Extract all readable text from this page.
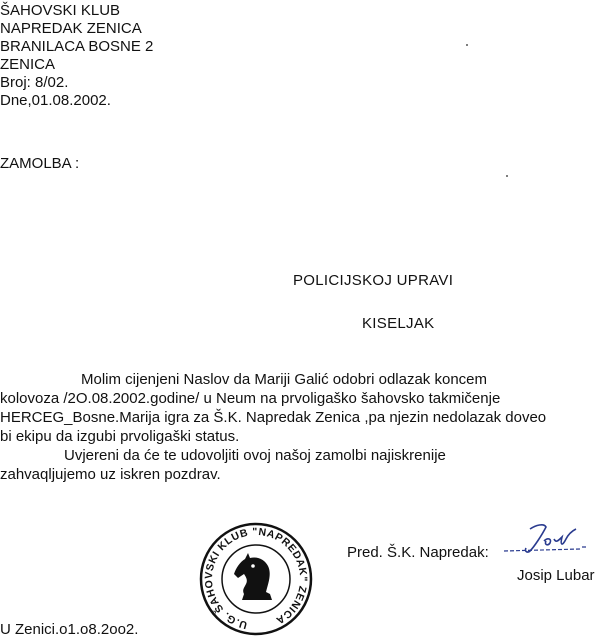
ŠAHOVSKI KLUB
NAPREDAK ZENICA
BRANILACA BOSNE 2
ZENICA
Broj: 8/02.
Dne,01.08.2002.
ZAMOLBA :
POLICIJSKOJ UPRAVI
KISELJAK
Molim cijenjeni Naslov da Mariji Galić odobri odlazak koncem
kolovoza /2O.08.2002.godine/ u Neum na prvoligaško šahovsko takmičenje
HERCEG_Bosne.Marija igra za Š.K. Napredak Zenica ,pa njezin nedolazak doveo
bi ekipu da izgubi prvoligaški status.
Uvjereni da će te udovoljiti ovoj našoj zamolbi najiskrenije
zahvaqljujemo uz iskren pozdrav.
U.G. ŠAHOVSKI KLUB "NAPREDAK" ZENICA
Pred. Š.K. Napredak:
Josip Lubar
U Zenici.o1.o8.2oo2.
